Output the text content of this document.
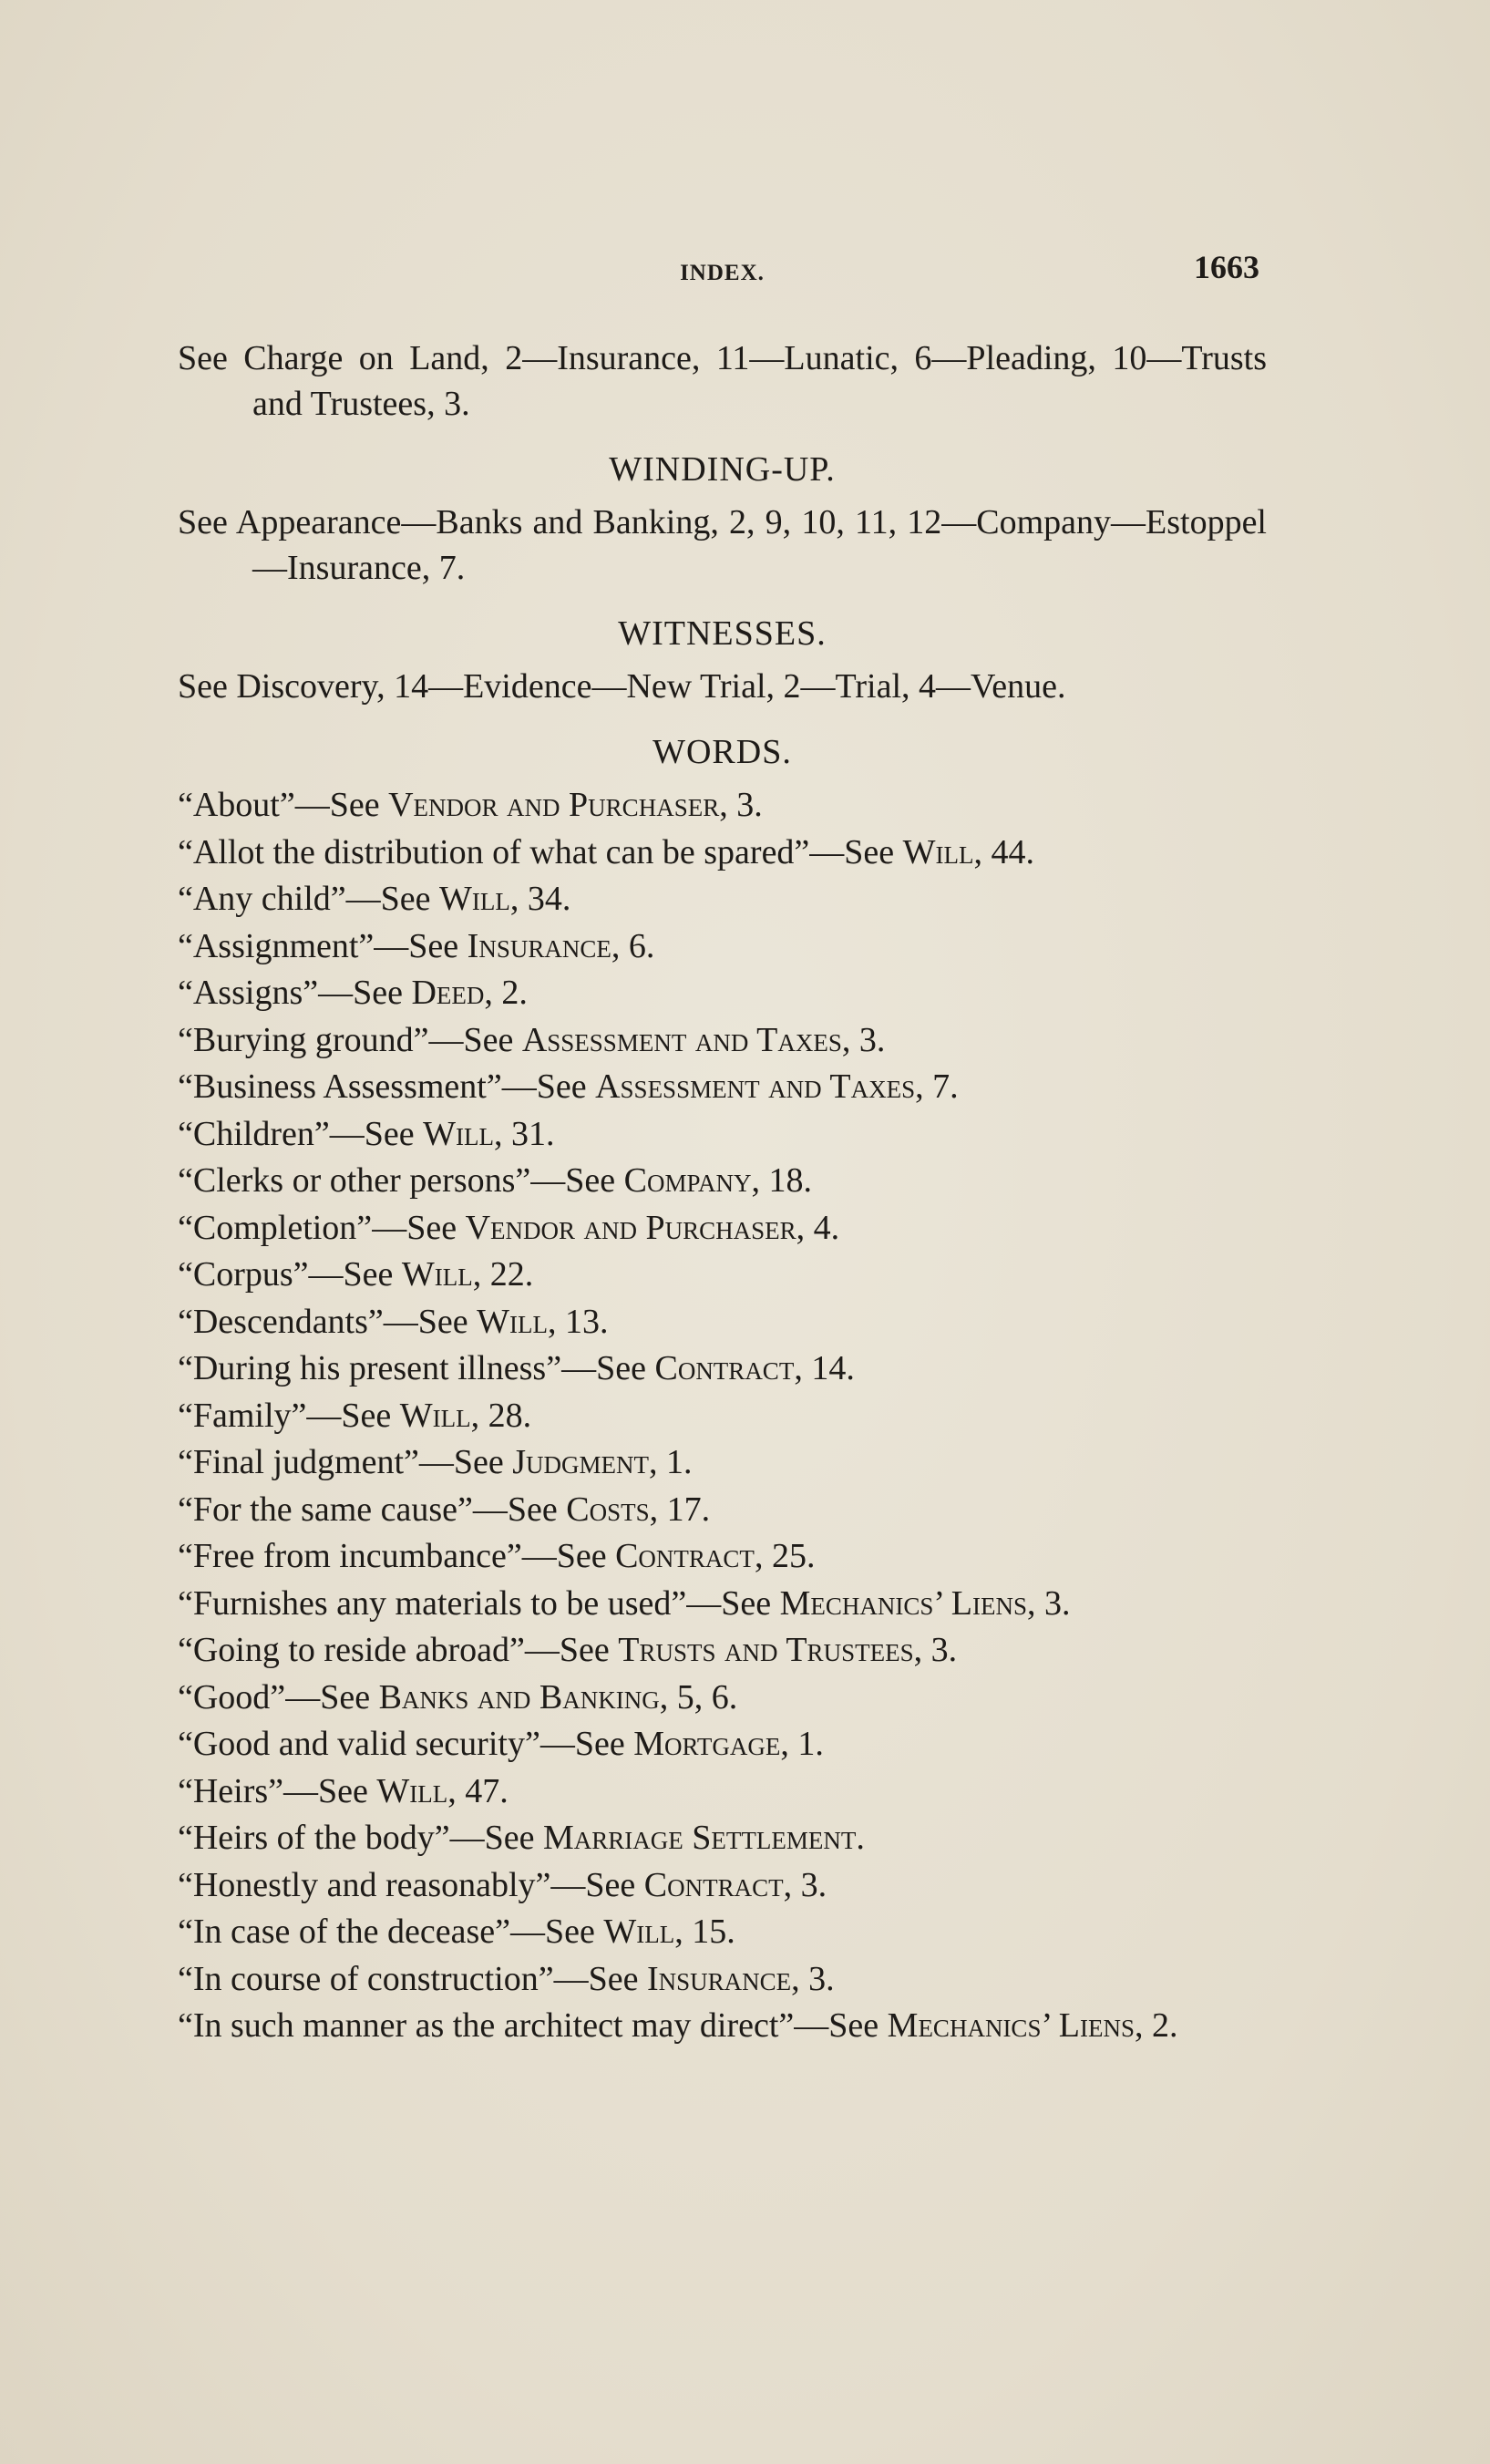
INDEX.	1663

See Charge on Land, 2—Insurance, 11—Lunatic, 6—Pleading, 10—Trusts and Trustees, 3.

WINDING-UP.

See Appearance—Banks and Banking, 2, 9, 10, 11, 12—Company—Estoppel—Insurance, 7.

WITNESSES.

See Discovery, 14—Evidence—New Trial, 2—Trial, 4—Venue.

WORDS.

“About”—See Vendor and Purchaser, 3.

“Allot the distribution of what can be spared”—See Will, 44.

“Any child”—See Will, 34.

“Assignment”—See Insurance, 6.

“Assigns”—See Deed, 2.

“Burying ground”—See Assessment and Taxes, 3.

“Business Assessment”—See Assessment and Taxes, 7.

“Children”—See Will, 31.

“Clerks or other persons”—See Company, 18.

“Completion”—See Vendor and Purchaser, 4.

“Corpus”—See Will, 22.

“Descendants”—See Will, 13.

“During his present illness”—See Contract, 14.

“Family”—See Will, 28.

“Final judgment”—See Judgment, 1.

“For the same cause”—See Costs, 17.

“Free from incumbance”—See Contract, 25.

“Furnishes any materials to be used”—See Mechanics’ Liens, 3.

“Going to reside abroad”—See Trusts and Trustees, 3.

“Good”—See Banks and Banking, 5, 6.

“Good and valid security”—See Mortgage, 1.

“Heirs”—See Will, 47.

“Heirs of the body”—See Marriage Settlement.

“Honestly and reasonably”—See Contract, 3.

“In case of the decease”—See Will, 15.

“In course of construction”—See Insurance, 3.

“In such manner as the architect may direct”—See Mechanics’ Liens, 2.
